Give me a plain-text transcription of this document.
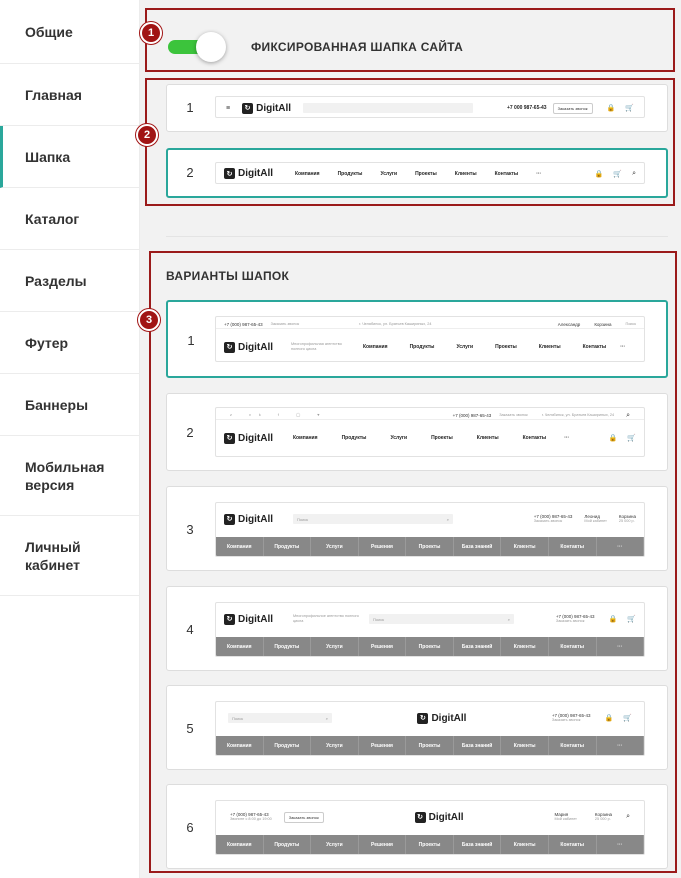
Общие
Главная
Шапка
Каталог
Разделы
Футер
Баннеры
Мобильная
версия
Личный
кабинет
ФИКСИРОВАННАЯ ШАПКА САЙТА
1	≡	↻ DigitAll	+7 000 987-65-43	Заказать звонок	🔒 🛒
2	↻ DigitAll	Компания	Продукты	Услуги	Проекты	Клиенты	Контакты	···	🔒 🛒 ⌕
ВАРИАНТЫ ШАПОК
1
+7 (000) 987-65-43 Заказать звонок	г. Челябинск, ул. Братьев Кашириных, 24	Александр	Корзина	Поиск
↻ DigitAll	Многопрофильная агентство полного цикла	Компания	Продукты	Услуги	Проекты	Клиенты	Контакты	···
2
z vk f ◯ ♥	+7 (000) 987-65-43 Заказать звонок	г. Челябинск, ул. Братьев Кашириных, 24 ⌕
↻ DigitAll	Компания	Продукты	Услуги	Проекты	Клиенты	Контакты	···	🔒 🛒
3
↻ DigitAll	Поиск	⌕	+7 (000) 987-65-43
Заказать звонок
Леонид
Мой кабинет
Корзина
25 000 р.
Компания	Продукты	Услуги	Решения	Проекты	База знаний	Клиенты	Контакты	···
4
↻ DigitAll	Многопрофильное агентство полного цикла	Поиск	⌕	+7 (000) 987-65-43
Заказать звонок	🔒 🛒
Компания	Продукты	Услуги	Решения	Проекты	База знаний	Клиенты	Контакты	···
5
Поиск	⌕	↻ DigitAll	+7 (000) 987-65-43
Заказать звонок	🔒 🛒
Компания	Продукты	Услуги	Решения	Проекты	База знаний	Клиенты	Контакты	···
6
+7 (000) 987-65-43
Звоните с 8:00 до 19:00	Заказать звонок	↻ DigitAll	Мария
Мой кабинет
Корзина
25 000 р. ⌕
Компания	Продукты	Услуги	Решения	Проекты	База знаний	Клиенты	Контакты	···
1
2
3
